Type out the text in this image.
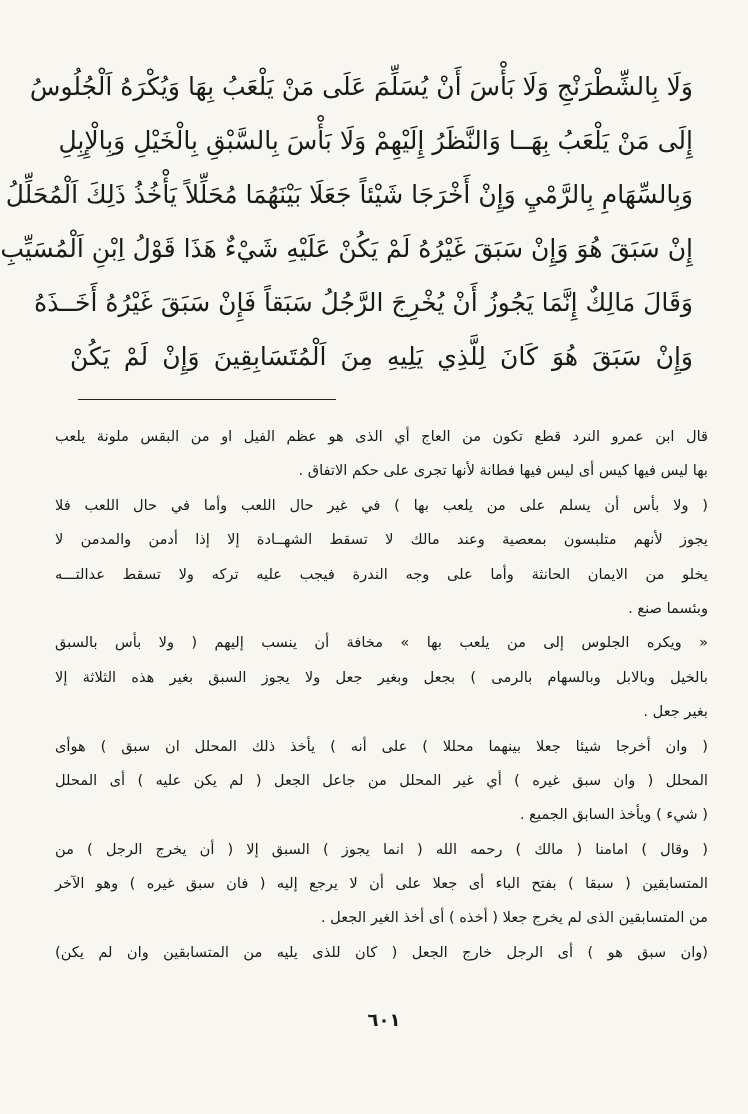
وَلَا بِالشِّطْرَنْجِ وَلَا بَأْسَ أَنْ يُسَلِّمَ عَلَى مَنْ يَلْعَبُ بِهَا وَيُكْرَهُ اَلْجُلُوسُ
إِلَى مَنْ يَلْعَبُ بِهَــا وَالنَّظَرُ إِلَيْهِمْ وَلَا بَأْسَ بِالسَّبْقِ بِالْخَيْلِ وَبِالْإِبِلِ
وَبِالسِّهَامِ بِالرَّمْيِ وَإِنْ أَخْرَجَا شَيْئاً جَعَلَا بَيْنَهُمَا مُحَلِّلاً يَأْخُذُ ذَلِكَ اَلْمُحَلِّلُ
إِنْ سَبَقَ هُوَ وَإِنْ سَبَقَ غَيْرُهُ لَمْ يَكُنْ عَلَيْهِ شَيْءٌ هَذَا قَوْلُ اِبْنِ اَلْمُسَيِّبِ
وَقَالَ مَالِكٌ إِنَّمَا يَجُوزُ أَنْ يُخْرِجَ الرَّجُلُ سَبَقاً فَإِنْ سَبَقَ غَيْرُهُ أَخَــذَهُ
وَإِنْ سَبَقَ هُوَ كَانَ لِلَّذِي يَلِيهِ مِنَ اَلْمُتَسَابِقِينَ وَإِنْ لَمْ يَكُنْ
قال ابن عمرو النرد قطع تكون من العاج أي الذى هو عظم الفيل او من البقس ملونة يلعب
بها ليس فيها كيس أى ليس فيها فطانة لأنها تجرى على حكم الاتفاق .
( ولا بأس أن يسلم على من يلعب بها ) في غير حال اللعب وأما في حال اللعب فلا
يجوز لأنهم متلبسون بمعصية وعند مالك لا تسقط الشهــادة إلا إذا أدمن والمدمن لا
يخلو من الايمان الحانثة وأما على وجه الندرة فيجب عليه تركه ولا تسقط عدالتـــه
وبئسما صنع .
« ويكره الجلوس إلى من يلعب بها » مخافة أن ينسب إليهم ( ولا بأس بالسبق
بالخيل وبالابل وبالسهام بالرمى ) بجعل وبغير جعل ولا يجوز السبق بغير هذه الثلاثة إلا
بغير جعل .
( وان أخرجا شيئا جعلا بينهما محللا ) على أنه ) يأخذ ذلك المحلل ان سبق ) هوأى
المحلل ( وان سبق غيره ) أي غير المحلل من جاعل الجعل ( لم يكن عليه ) أى المحلل
( شيء ) ويأخذ السابق الجميع .
( وقال ) امامنا ( مالك ) رحمه الله ( انما يجوز ) السبق إلا ( أن يخرج الرجل ) من
المتسابقين ( سبقا ) بفتح الباء أى جعلا على أن لا يرجع إليه ( فان سبق غيره ) وهو الآخر
من المتسابقين الذى لم يخرج جعلا ( أخذه ) أى أخذ الغير الجعل .
(وان سبق هو ) أى الرجل خارج الجعل ( كان للذى يليه من المتسابقين وان لم يكن)
٦٠١
